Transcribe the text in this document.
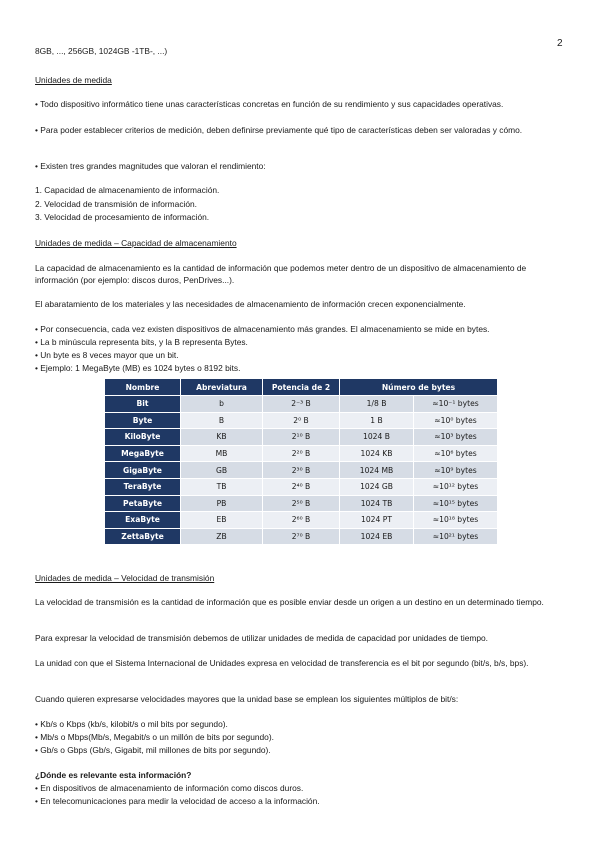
2

8GB, ..., 256GB, 1024GB -1TB-, ...)

Unidades de medida

• Todo dispositivo informático tiene unas características concretas en función de su rendimiento y sus capacidades operativas.

• Para poder establecer criterios de medición, deben definirse previamente qué tipo de características deben ser valoradas y cómo.

• Existen tres grandes magnitudes que valoran el rendimiento:

1. Capacidad de almacenamiento de información.

2. Velocidad de transmisión de información.

3. Velocidad de procesamiento de información.

Unidades de medida – Capacidad de almacenamiento

La capacidad de almacenamiento es la cantidad de información que podemos meter dentro de un dispositivo de almacenamiento de información (por ejemplo: discos duros, PenDrives...).

El abaratamiento de los materiales y las necesidades de almacenamiento de información crecen exponencialmente.

• Por consecuencia, cada vez existen dispositivos de almacenamiento más grandes. El almacenamiento se mide en bytes.

• La b minúscula representa bits, y la B representa Bytes.

• Un byte es 8 veces mayor que un bit.

• Ejemplo: 1 MegaByte (MB) es 1024 bytes o 8192 bits.

Nombre	Abreviatura	Potencia de 2	Número de bytes	
Bit	b	2⁻³ B	1/8 B	≈10⁻¹ bytes
Byte	B	2⁰ B	1 B	≈10⁰ bytes
KiloByte	KB	2¹⁰ B	1024 B	≈10³ bytes
MegaByte	MB	2²⁰ B	1024 KB	≈10⁶ bytes
GigaByte	GB	2³⁰ B	1024 MB	≈10⁹ bytes
TeraByte	TB	2⁴⁰ B	1024 GB	≈10¹² bytes
PetaByte	PB	2⁵⁰ B	1024 TB	≈10¹⁵ bytes
ExaByte	EB	2⁶⁰ B	1024 PT	≈10¹⁸ bytes
ZettaByte	ZB	2⁷⁰ B	1024 EB	≈10²¹ bytes

Unidades de medida – Velocidad de transmisión

La velocidad de transmisión es la cantidad de información que es posible enviar desde un origen a un destino en un determinado tiempo.

Para expresar la velocidad de transmisión debemos de utilizar unidades de medida de capacidad por unidades de tiempo.

La unidad con que el Sistema Internacional de Unidades expresa en velocidad de transferencia es el bit por segundo (bit/s, b/s, bps).

Cuando quieren expresarse velocidades mayores que la unidad base se emplean los siguientes múltiplos de bit/s:

• Kb/s o Kbps (kb/s, kilobit/s o mil bits por segundo).

• Mb/s o Mbps(Mb/s, Megabit/s o un millón de bits por segundo).

• Gb/s o Gbps (Gb/s, Gigabit, mil millones de bits por segundo).

¿Dónde es relevante esta información?

• En dispositivos de almacenamiento de información como discos duros.

• En telecomunicaciones para medir la velocidad de acceso a la información.
